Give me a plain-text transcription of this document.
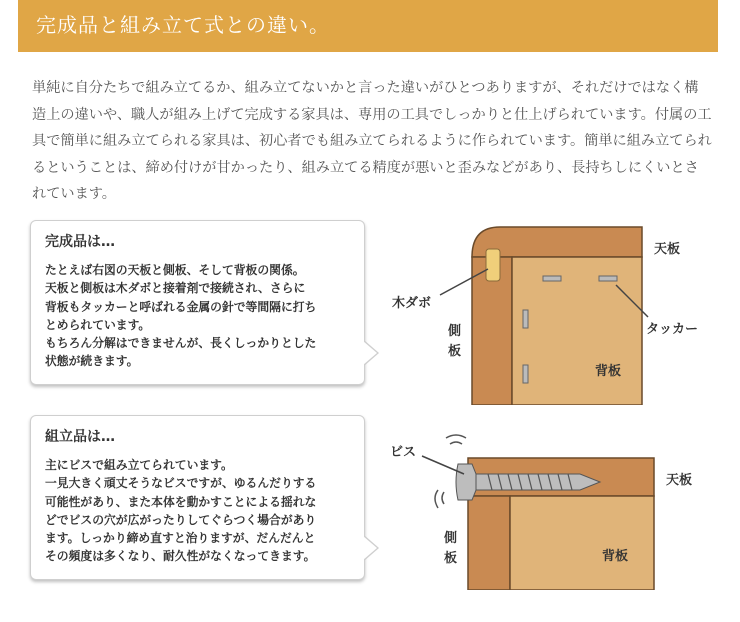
完成品と組み立て式との違い。

単純に自分たちで組み立てるか、組み立てないかと言った違いがひとつありますが、それだけではなく構造上の違いや、職人が組み上げて完成する家具は、専用の工具でしっかりと仕上げられています。付属の工具で簡単に組み立てられる家具は、初心者でも組み立てられるように作られています。簡単に組み立てられるということは、締め付けが甘かったり、組み立てる精度が悪いと歪みなどがあり、長持ちしにくいとされています。

完成品は…

たとえば右図の天板と側板、そして背板の関係。
天板と側板は木ダボと接着剤で接続され、さらに
背板もタッカーと呼ばれる金属の針で等間隔に打ち
とめられています。
もちろん分解はできませんが、長くしっかりとした
状態が続きます。

組立品は…

主にビスで組み立てられています。
一見大きく頑丈そうなビスですが、ゆるんだりする
可能性があり、また本体を動かすことによる揺れな
どでビスの穴が広がったりしてぐらつく場合があり
ます。しっかり締め直すと治りますが、だんだんと
その頻度は多くなり、耐久性がなくなってきます。

天板
木ダボ
側
板
タッカー
背板
ビス
天板
側
板	背板
